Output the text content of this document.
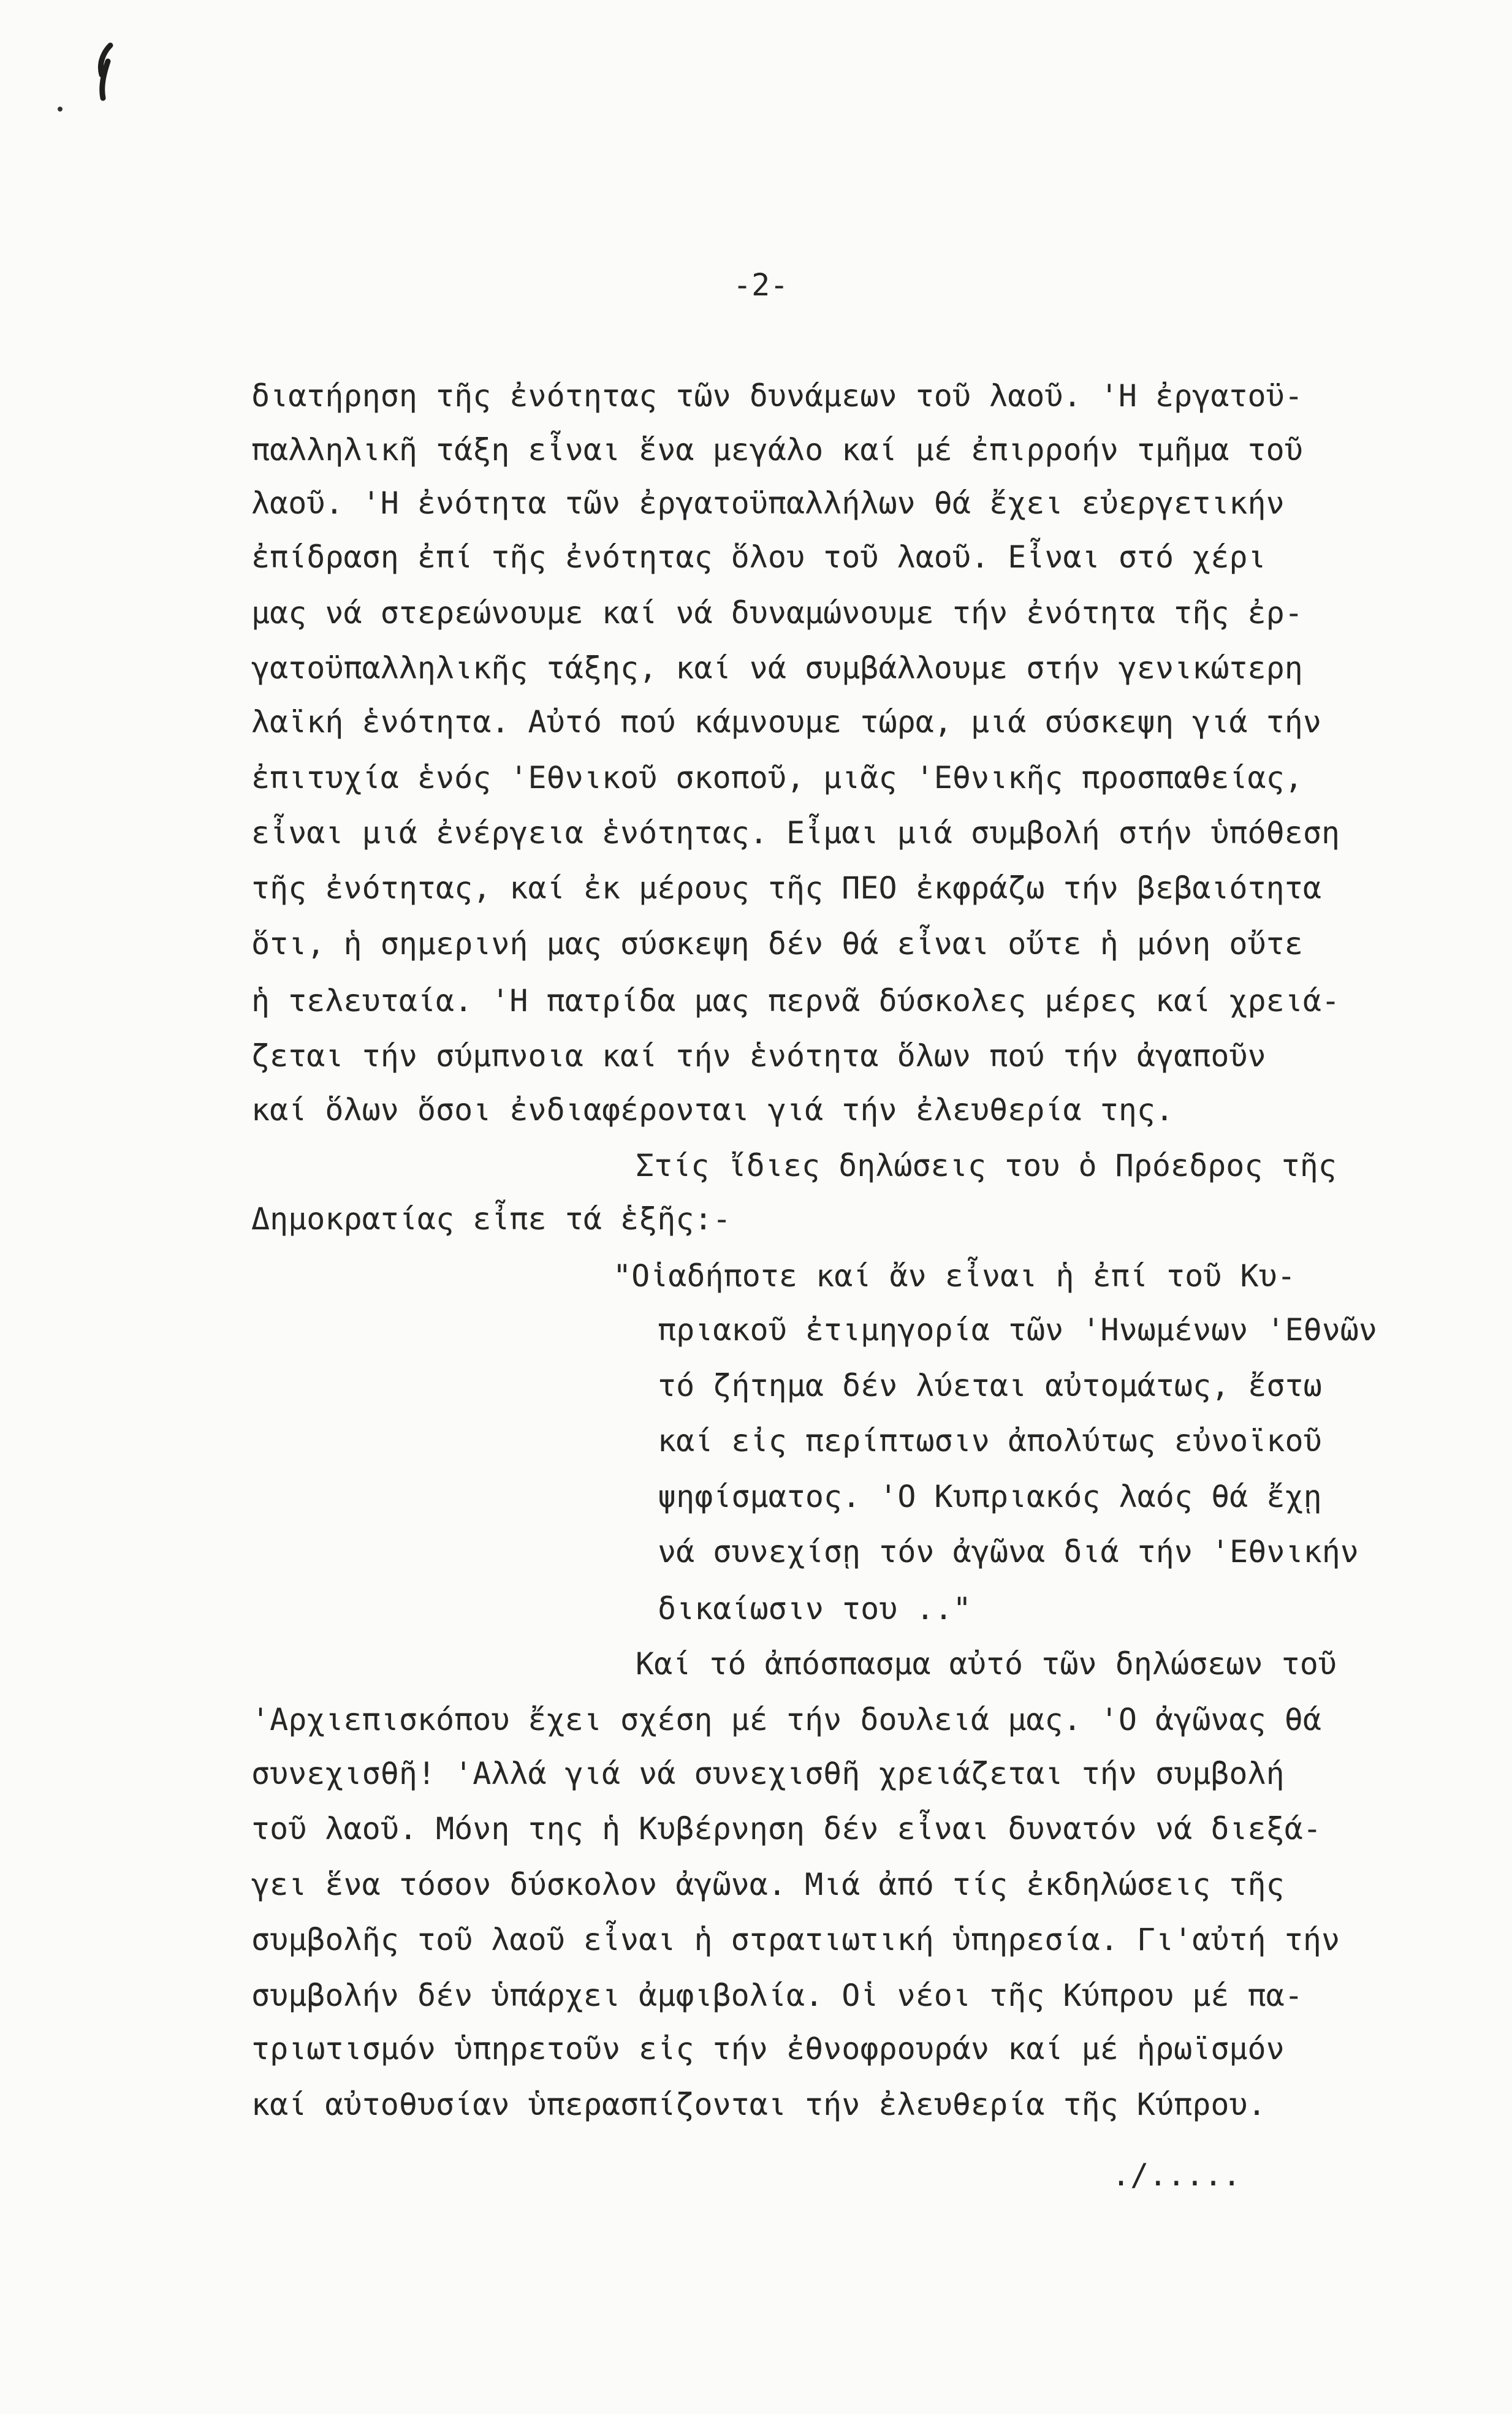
-2-
διατήρηση τῆς ἐνότητας τῶν δυνάμεων τοῦ λαοῦ. 'Η ἐργατοϋ-
παλληλικῆ τάξη εἶναι ἕνα μεγάλο καί μέ ἐπιρροήν τμῆμα τοῦ
λαοῦ. 'Η ἐνότητα τῶν ἐργατοϋπαλλήλων θά ἔχει εὐεργετικήν
ἐπίδραση ἐπί τῆς ἐνότητας ὅλου τοῦ λαοῦ. Εἶναι στό χέρι
μας νά στερεώνουμε καί νά δυναμώνουμε τήν ἐνότητα τῆς ἐρ-
γατοϋπαλληλικῆς τάξης, καί νά συμβάλλουμε στήν γενικώτερη
λαϊκή ἑνότητα. Αὐτό πού κάμνουμε τώρα, μιά σύσκεψη γιά τήν
ἐπιτυχία ἑνός 'Εθνικοῦ σκοποῦ, μιᾶς 'Εθνικῆς προσπαθείας,
εἶναι μιά ἐνέργεια ἑνότητας. Εἶμαι μιά συμβολή στήν ὑπόθεση
τῆς ἐνότητας, καί ἐκ μέρους τῆς ΠΕΟ ἐκφράζω τήν βεβαιότητα
ὅτι, ἡ σημερινή μας σύσκεψη δέν θά εἶναι οὔτε ἡ μόνη οὔτε
ἡ τελευταία. 'Η πατρίδα μας περνᾶ δύσκολες μέρες καί χρειά-
ζεται τήν σύμπνοια καί τήν ἑνότητα ὅλων πού τήν ἀγαποῦν
καί ὅλων ὅσοι ἐνδιαφέρονται γιά τήν ἐλευθερία της.
Στίς ἴδιες δηλώσεις του ὁ Πρόεδρος τῆς
Δημοκρατίας εἶπε τά ἑξῆς:-
"Οἱαδήποτε καί ἄν εἶναι ἡ ἐπί τοῦ Κυ-
πριακοῦ ἐτιμηγορία τῶν 'Ηνωμένων 'Εθνῶν
τό ζήτημα δέν λύεται αὐτομάτως, ἔστω
καί εἰς περίπτωσιν ἀπολύτως εὐνοϊκοῦ
ψηφίσματος. 'Ο Κυπριακός λαός θά ἔχῃ
νά συνεχίσῃ τόν ἀγῶνα διά τήν 'Εθνικήν
δικαίωσιν του .."
Καί τό ἀπόσπασμα αὐτό τῶν δηλώσεων τοῦ
'Αρχιεπισκόπου ἔχει σχέση μέ τήν δουλειά μας. 'Ο ἀγῶνας θά
συνεχισθῆ! 'Αλλά γιά νά συνεχισθῆ χρειάζεται τήν συμβολή
τοῦ λαοῦ. Μόνη της ἡ Κυβέρνηση δέν εἶναι δυνατόν νά διεξά-
γει ἕνα τόσον δύσκολον ἀγῶνα. Μιά ἀπό τίς ἐκδηλώσεις τῆς
συμβολῆς τοῦ λαοῦ εἶναι ἡ στρατιωτική ὑπηρεσία. Γι'αὐτή τήν
συμβολήν δέν ὑπάρχει ἀμφιβολία. Οἱ νέοι τῆς Κύπρου μέ πα-
τριωτισμόν ὑπηρετοῦν εἰς τήν ἐθνοφρουράν καί μέ ἡρωϊσμόν
καί αὐτοθυσίαν ὑπερασπίζονται τήν ἐλευθερία τῆς Κύπρου.
./.....
